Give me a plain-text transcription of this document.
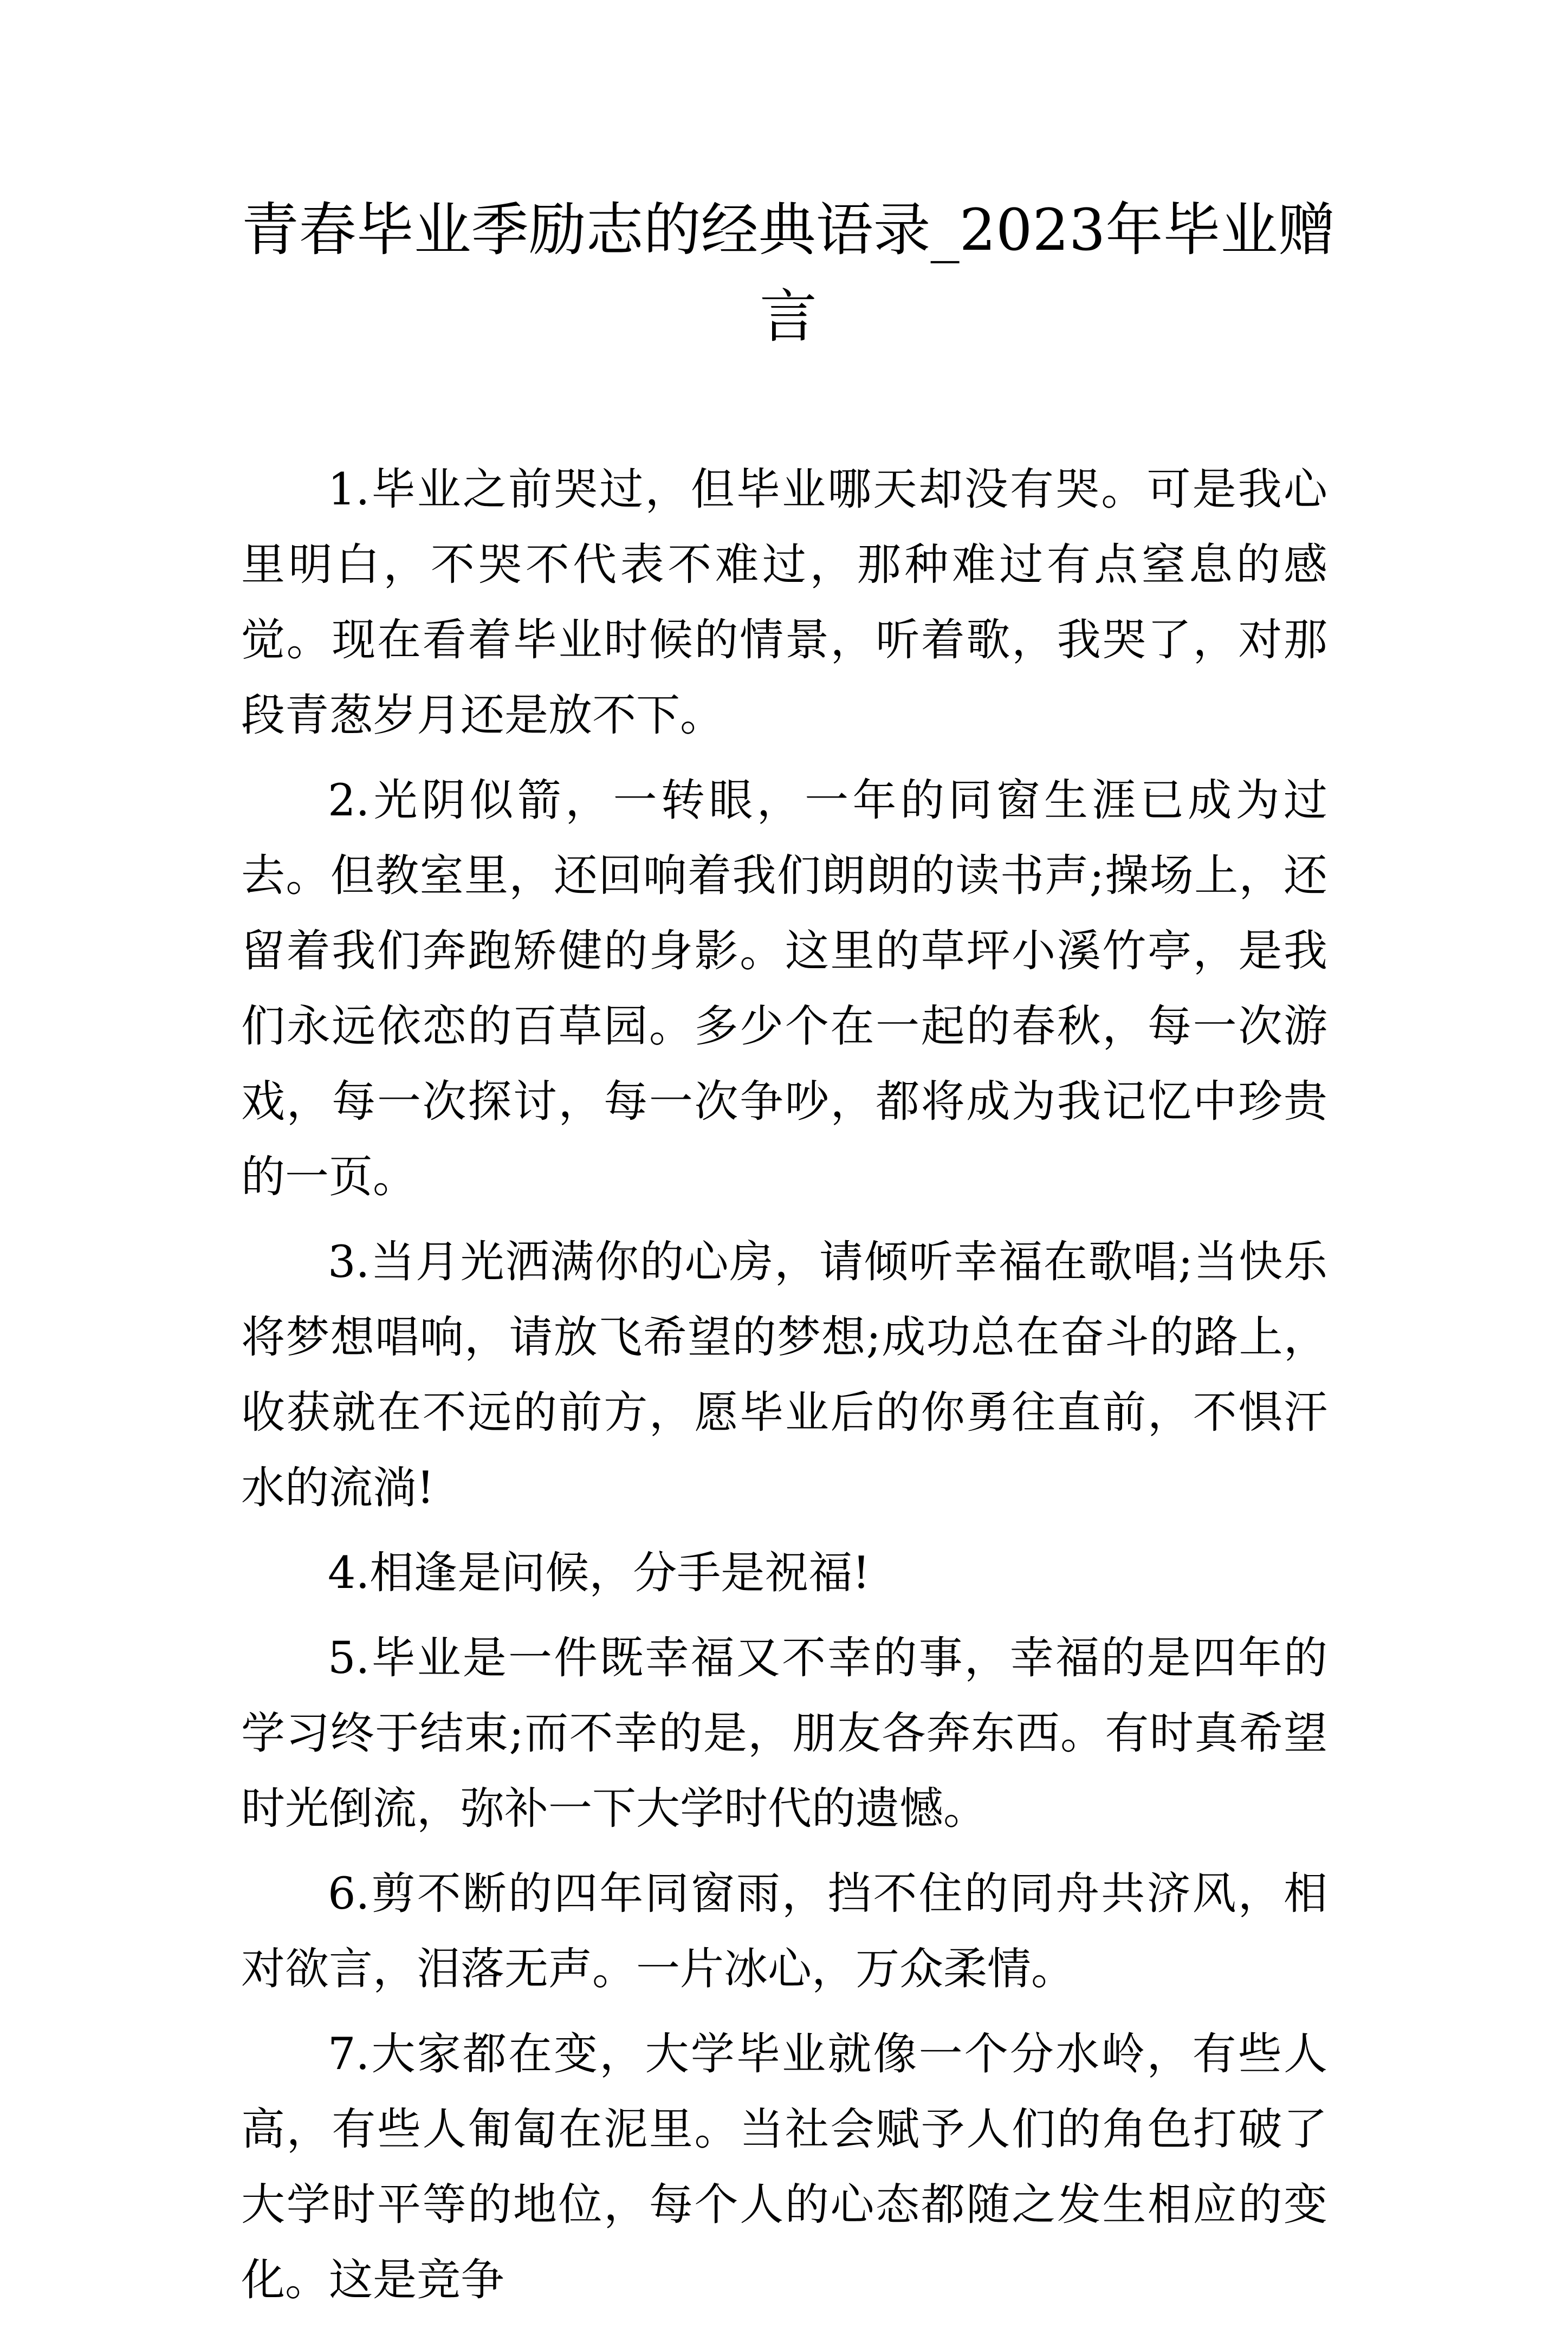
青春毕业季励志的经典语录_2023年毕业赠言

1.毕业之前哭过，但毕业哪天却没有哭。可是我心里明白，不哭不代表不难过，那种难过有点窒息的感觉。现在看着毕业时候的情景，听着歌，我哭了，对那段青葱岁月还是放不下。

2.光阴似箭，一转眼，一年的同窗生涯已成为过去。但教室里，还回响着我们朗朗的读书声;操场上，还留着我们奔跑矫健的身影。这里的草坪小溪竹亭，是我们永远依恋的百草园。多少个在一起的春秋，每一次游戏，每一次探讨，每一次争吵，都将成为我记忆中珍贵的一页。

3.当月光洒满你的心房，请倾听幸福在歌唱;当快乐将梦想唱响，请放飞希望的梦想;成功总在奋斗的路上，收获就在不远的前方，愿毕业后的你勇往直前，不惧汗水的流淌!

4.相逢是问候，分手是祝福!

5.毕业是一件既幸福又不幸的事，幸福的是四年的学习终于结束;而不幸的是，朋友各奔东西。有时真希望时光倒流，弥补一下大学时代的遗憾。

6.剪不断的四年同窗雨，挡不住的同舟共济风，相对欲言，泪落无声。一片冰心，万众柔情。

7.大家都在变，大学毕业就像一个分水岭，有些人高，有些人匍匐在泥里。当社会赋予人们的角色打破了大学时平等的地位，每个人的心态都随之发生相应的变化。这是竞争
